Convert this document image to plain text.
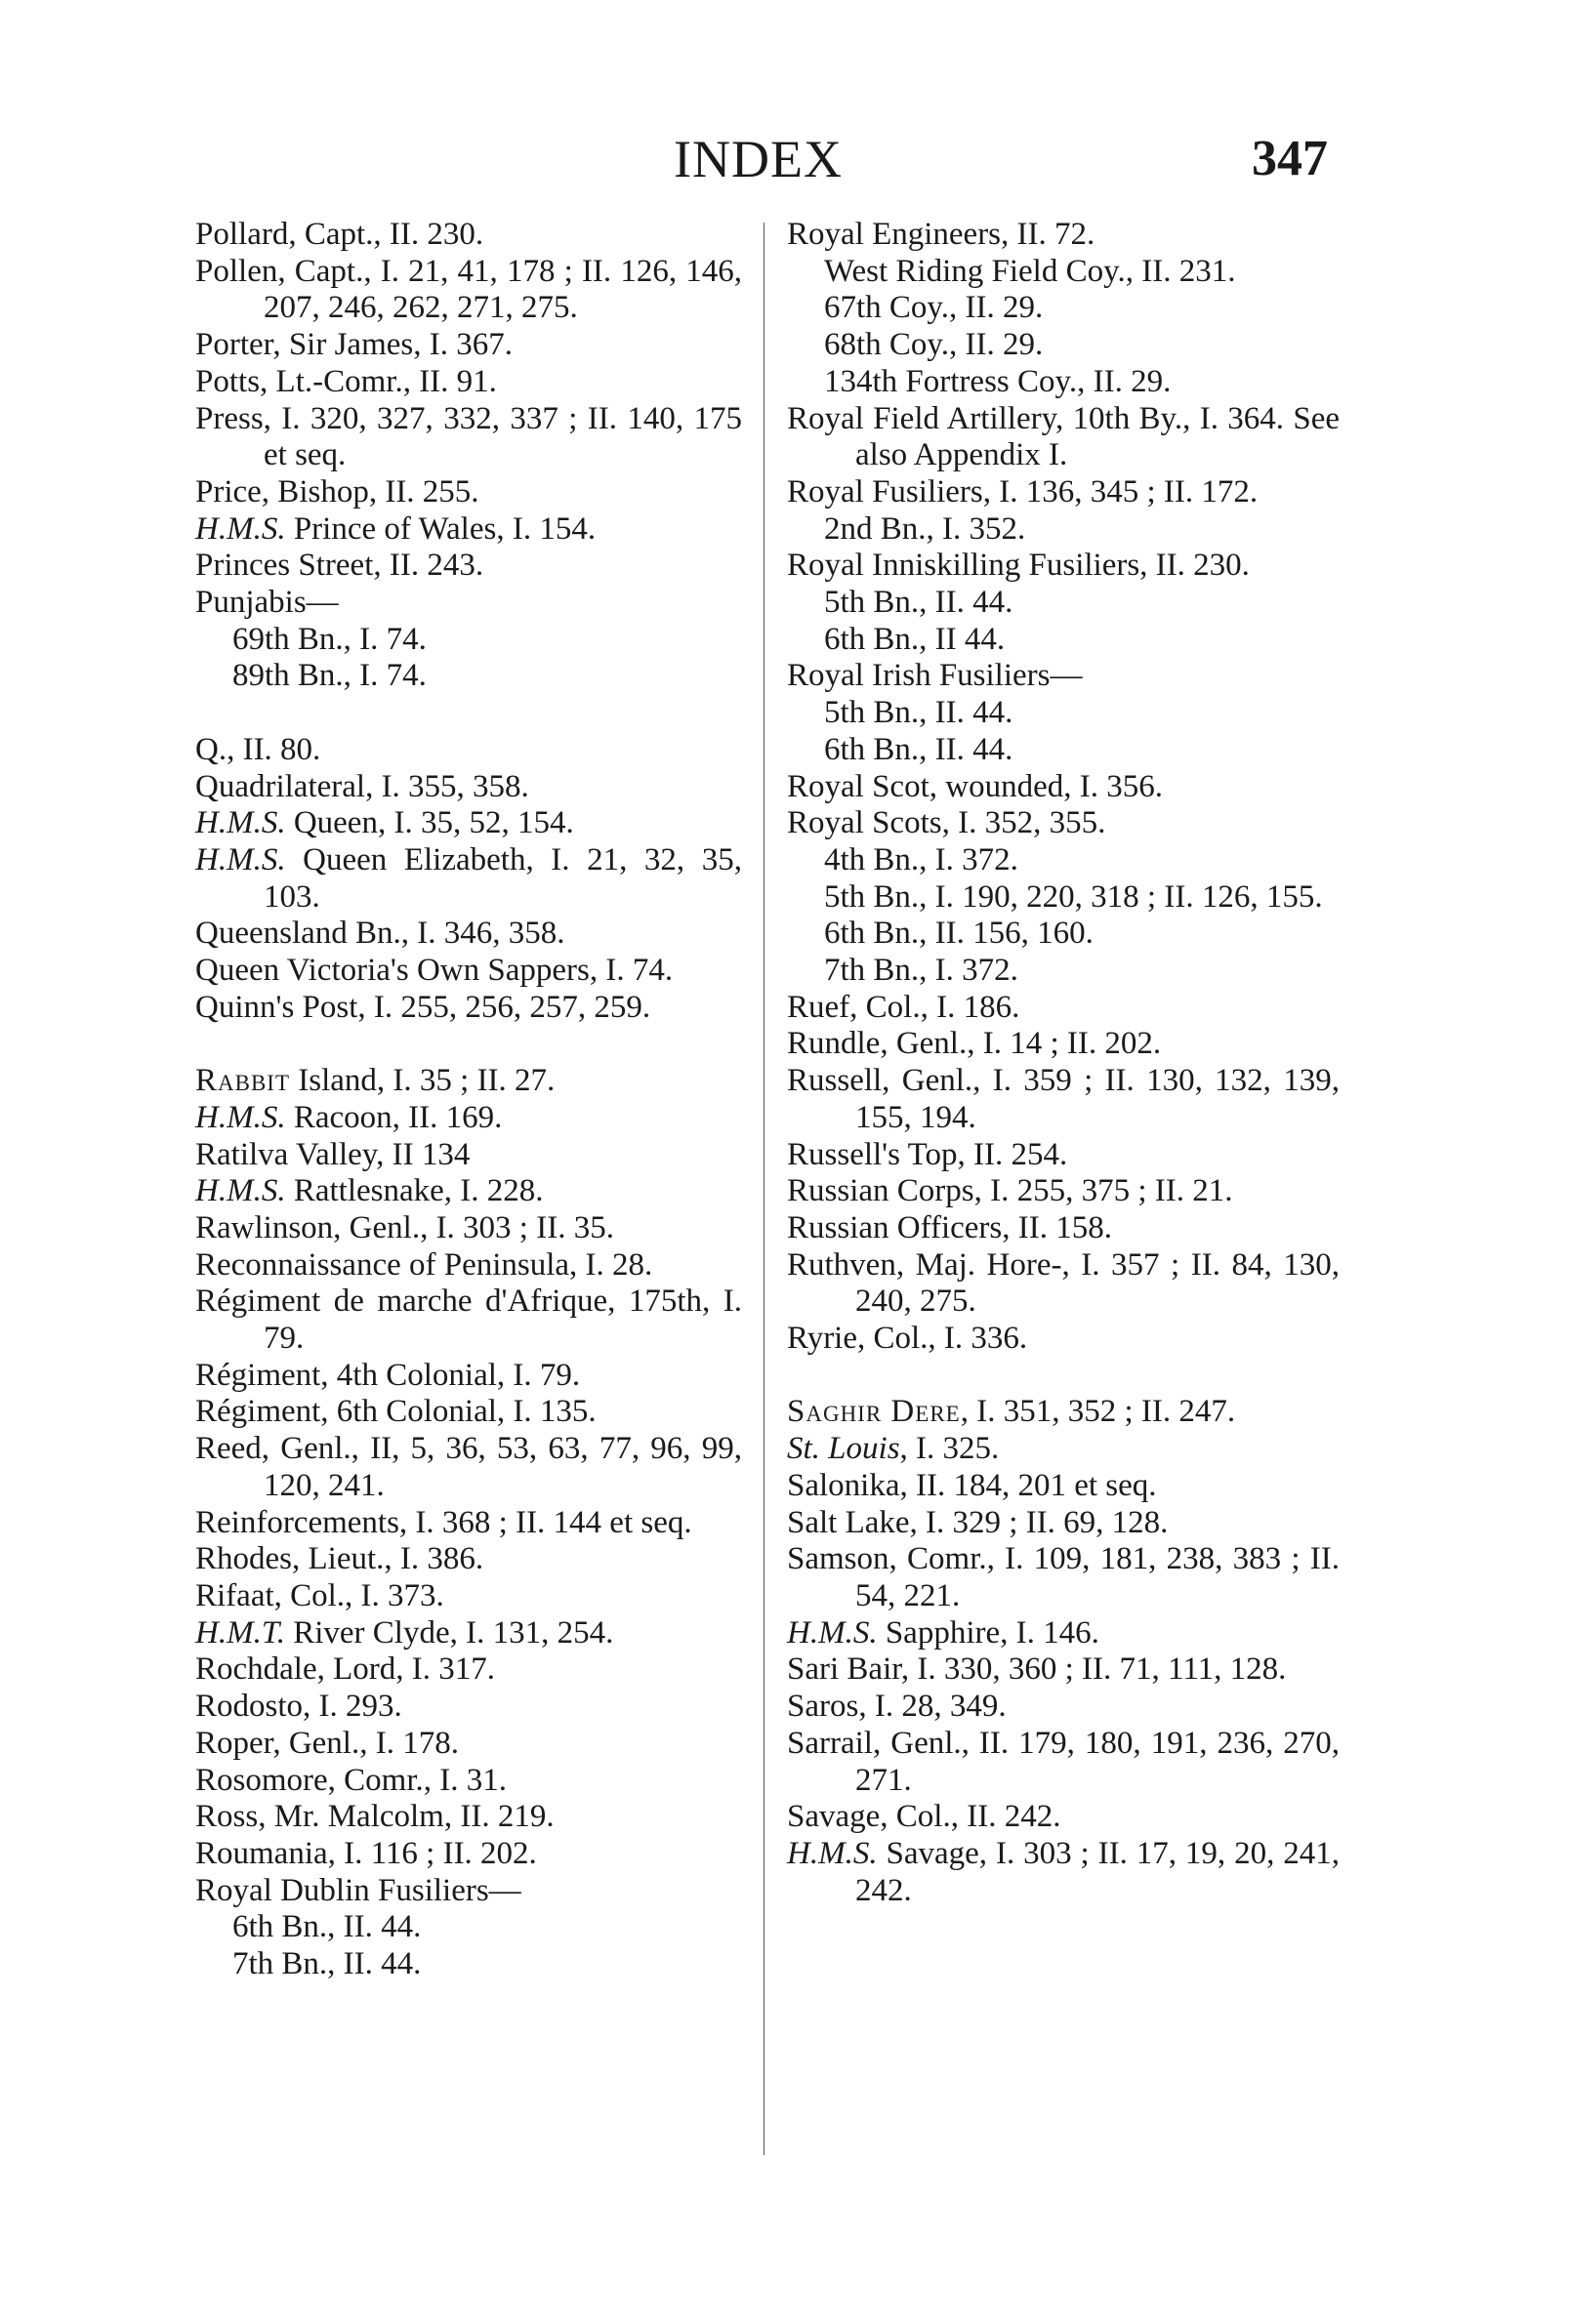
INDEX	347
Pollard, Capt., II. 230.
Pollen, Capt., I. 21, 41, 178 ; II. 126, 146, 207, 246, 262, 271, 275.
Porter, Sir James, I. 367.
Potts, Lt.-Comr., II. 91.
Press, I. 320, 327, 332, 337 ; II. 140, 175 et seq.
Price, Bishop, II. 255.
H.M.S. Prince of Wales, I. 154.
Princes Street, II. 243.
Punjabis—
69th Bn., I. 74.
89th Bn., I. 74.
Q., II. 80.
Quadrilateral, I. 355, 358.
H.M.S. Queen, I. 35, 52, 154.
H.M.S. Queen Elizabeth, I. 21, 32, 35, 103.
Queensland Bn., I. 346, 358.
Queen Victoria's Own Sappers, I. 74.
Quinn's Post, I. 255, 256, 257, 259.
Rabbit Island, I. 35 ; II. 27.
H.M.S. Racoon, II. 169.
Ratilva Valley, II 134
H.M.S. Rattlesnake, I. 228.
Rawlinson, Genl., I. 303 ; II. 35.
Reconnaissance of Peninsula, I. 28.
Régiment de marche d'Afrique, 175th, I. 79.
Régiment, 4th Colonial, I. 79.
Régiment, 6th Colonial, I. 135.
Reed, Genl., II, 5, 36, 53, 63, 77, 96, 99, 120, 241.
Reinforcements, I. 368 ; II. 144 et seq.
Rhodes, Lieut., I. 386.
Rifaat, Col., I. 373.
H.M.T. River Clyde, I. 131, 254.
Rochdale, Lord, I. 317.
Rodosto, I. 293.
Roper, Genl., I. 178.
Rosomore, Comr., I. 31.
Ross, Mr. Malcolm, II. 219.
Roumania, I. 116 ; II. 202.
Royal Dublin Fusiliers—
6th Bn., II. 44.
7th Bn., II. 44.
Royal Engineers, II. 72.
West Riding Field Coy., II. 231.
67th Coy., II. 29.
68th Coy., II. 29.
134th Fortress Coy., II. 29.
Royal Field Artillery, 10th By., I. 364. See also Appendix I.
Royal Fusiliers, I. 136, 345 ; II. 172.
2nd Bn., I. 352.
Royal Inniskilling Fusiliers, II. 230.
5th Bn., II. 44.
6th Bn., II 44.
Royal Irish Fusiliers—
5th Bn., II. 44.
6th Bn., II. 44.
Royal Scot, wounded, I. 356.
Royal Scots, I. 352, 355.
4th Bn., I. 372.
5th Bn., I. 190, 220, 318 ; II. 126, 155.
6th Bn., II. 156, 160.
7th Bn., I. 372.
Ruef, Col., I. 186.
Rundle, Genl., I. 14 ; II. 202.
Russell, Genl., I. 359 ; II. 130, 132, 139, 155, 194.
Russell's Top, II. 254.
Russian Corps, I. 255, 375 ; II. 21.
Russian Officers, II. 158.
Ruthven, Maj. Hore-, I. 357 ; II. 84, 130, 240, 275.
Ryrie, Col., I. 336.
Saghir Dere, I. 351, 352 ; II. 247.
St. Louis, I. 325.
Salonika, II. 184, 201 et seq.
Salt Lake, I. 329 ; II. 69, 128.
Samson, Comr., I. 109, 181, 238, 383 ; II. 54, 221.
H.M.S. Sapphire, I. 146.
Sari Bair, I. 330, 360 ; II. 71, 111, 128.
Saros, I. 28, 349.
Sarrail, Genl., II. 179, 180, 191, 236, 270, 271.
Savage, Col., II. 242.
H.M.S. Savage, I. 303 ; II. 17, 19, 20, 241, 242.
